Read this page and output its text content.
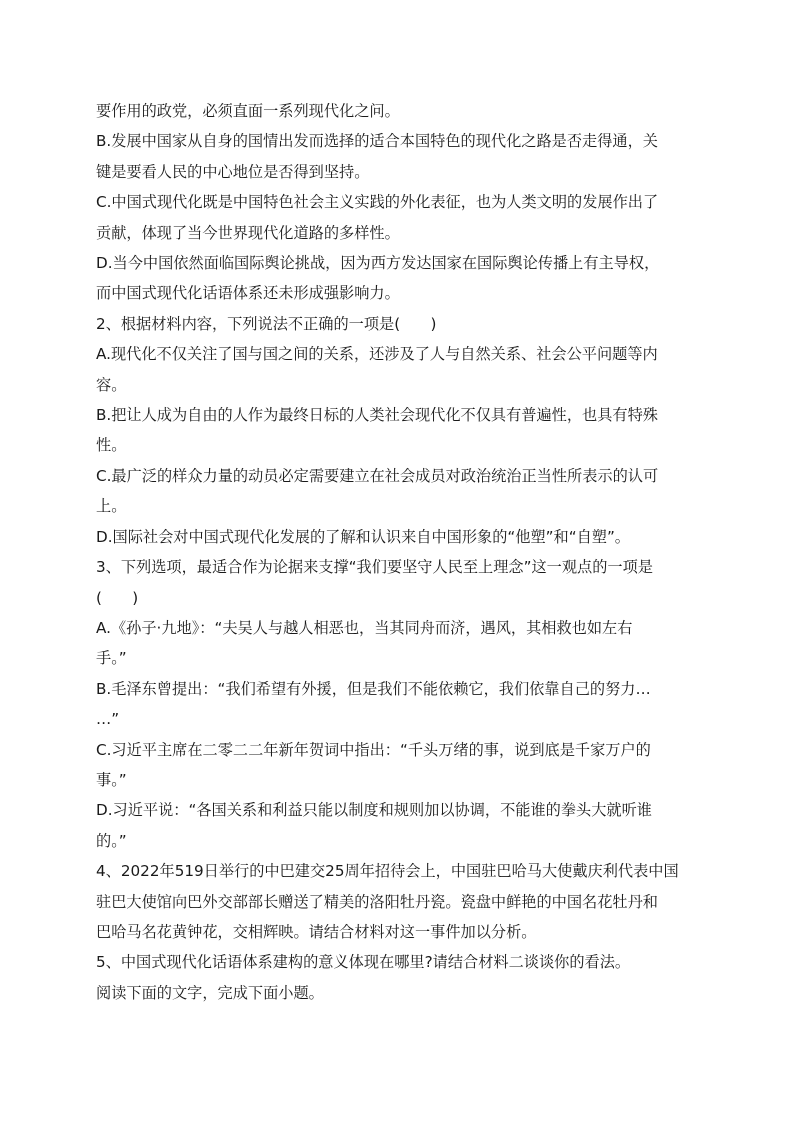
要作用的政党，必须直面一系列现代化之问。

B.发展中国家从自身的国情出发而选择的适合本国特色的现代化之路是否走得通，关

键是要看人民的中心地位是否得到坚持。

C.中国式现代化既是中国特色社会主义实践的外化表征，也为人类文明的发展作出了

贡献，体现了当今世界现代化道路的多样性。

D.当今中国依然面临国际舆论挑战，因为西方发达国家在国际舆论传播上有主导权，

而中国式现代化话语体系还未形成强影响力。

2、根据材料内容，下列说法不正确的一项是(　　)

A.现代化不仅关注了国与国之间的关系，还涉及了人与自然关系、社会公平问题等内

容。

B.把让人成为自由的人作为最终日标的人类社会现代化不仅具有普遍性，也具有特殊

性。

C.最广泛的样众力量的动员必定需要建立在社会成员对政治统治正当性所表示的认可

上。

D.国际社会对中国式现代化发展的了解和认识来自中国形象的“他塑”和“自塑”。

3、下列选项，最适合作为论据来支撑“我们要坚守人民至上理念”这一观点的一项是

(　　)

A.《孙子·九地》：“夫吴人与越人相恶也，当其同舟而济，遇风，其相救也如左右

手。”

B.毛泽东曾提出：“我们希望有外援，但是我们不能依赖它，我们依靠自己的努力…

…”

C.习近平主席在二零二二年新年贺词中指出：“千头万绪的事，说到底是千家万户的

事。”

D.习近平说：“各国关系和利益只能以制度和规则加以协调，不能谁的拳头大就听谁

的。”

4、2022年519日举行的中巴建交25周年招待会上，中国驻巴哈马大使戴庆利代表中国

驻巴大使馆向巴外交部部长赠送了精美的洛阳牡丹瓷。瓷盘中鲜艳的中国名花牡丹和

巴哈马名花黄钟花，交相辉映。请结合材料对这一事件加以分析。

5、中国式现代化话语体系建构的意义体现在哪里?请结合材料二谈谈你的看法。

阅读下面的文字，完成下面小题。
